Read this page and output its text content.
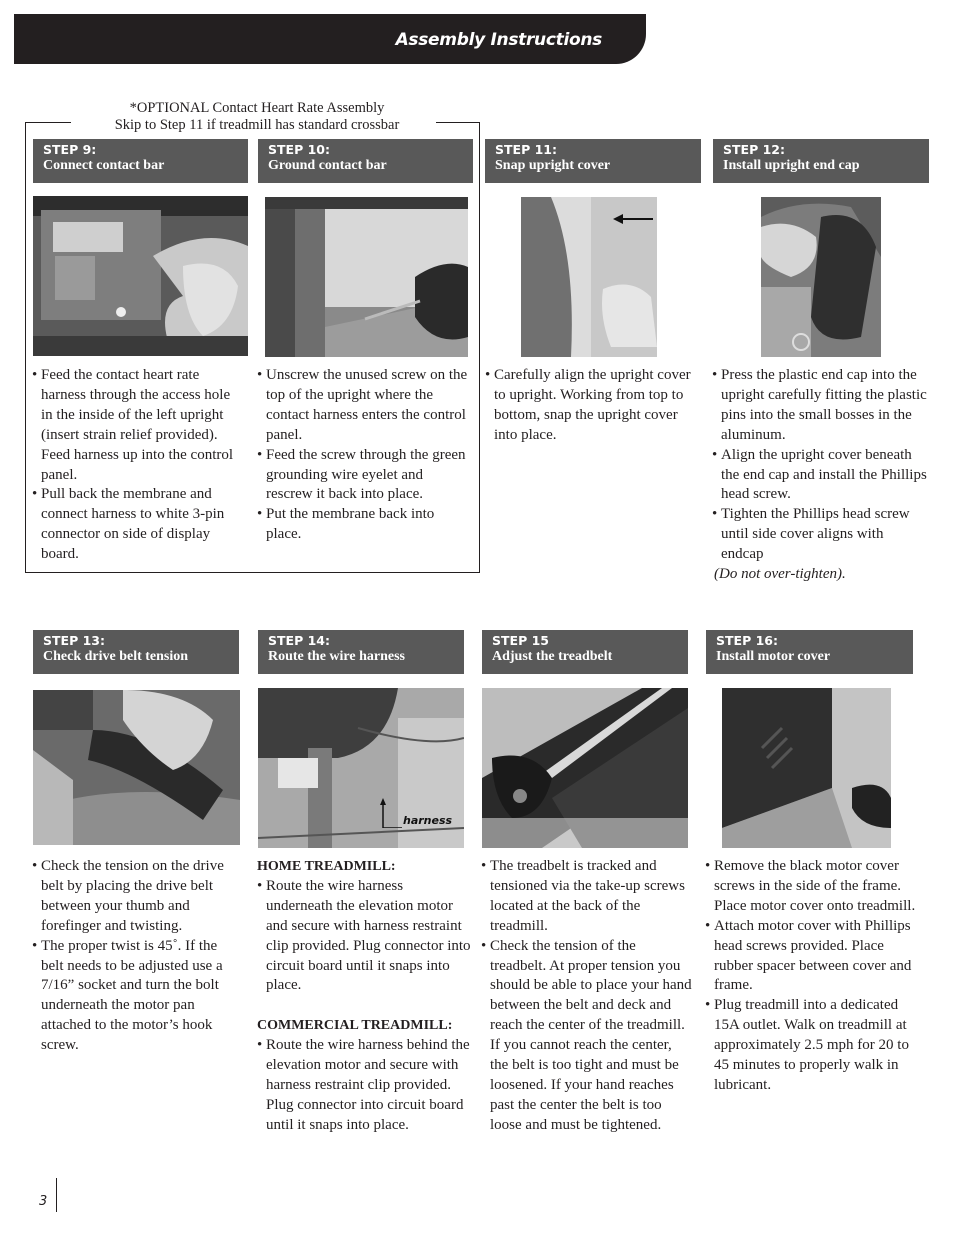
Assembly Instructions
*OPTIONAL Contact Heart Rate Assembly
Skip to Step 11 if treadmill has standard crossbar
STEP 9:
Connect contact bar
• Feed the contact heart rate harness through the access hole in the inside of the left upright (insert strain relief provided). Feed harness up into the control panel.
• Pull back the membrane and connect harness to white 3-pin connector on side of display board.
STEP 10:
Ground contact bar
• Unscrew the unused screw on the top of the upright where the contact harness enters the control panel.
• Feed the screw through the green grounding wire eyelet and rescrew it back into place.
• Put the membrane back into place.
STEP 11:
Snap upright cover
• Carefully align the upright cover to upright. Working from top to bottom, snap the upright cover into place.
STEP 12:
Install upright end cap
• Press the plastic end cap into the upright carefully fitting the plastic pins into the small bosses in the aluminum.
• Align the upright cover beneath the end cap and install the Phillips head screw.
• Tighten the Phillips head screw until side cover aligns with endcap
(Do not over-tighten).
STEP 13:
Check drive belt tension
• Check the tension on the drive belt by placing the drive belt between your thumb and forefinger and twisting.
• The proper twist is 45˚. If the belt needs to be adjusted use a 7/16” socket and turn the bolt underneath the motor pan attached to the motor’s hook screw.
STEP 14:
Route the wire harness
harness
HOME TREADMILL:
• Route the wire harness underneath the elevation motor and secure with harness restraint clip provided. Plug connector into circuit board until it snaps into place.
COMMERCIAL TREADMILL:
• Route the wire harness behind the elevation motor and secure with harness restraint clip provided. Plug connector into circuit board until it snaps into place.
STEP 15
Adjust the treadbelt
• The treadbelt is tracked and tensioned via the take-up screws located at the back of the treadmill.
• Check the tension of the treadbelt. At proper tension you should be able to place your hand between the belt and deck and reach the center of the treadmill. If you cannot reach the center, the belt is too tight and must be loosened. If your hand reaches past the center the belt is too loose and must be tightened.
STEP 16:
Install motor cover
• Remove the black motor cover screws in the side of the frame. Place motor cover onto treadmill.
• Attach motor cover with Phillips head screws provided. Place rubber spacer between cover and frame.
• Plug treadmill into a dedicated 15A outlet. Walk on treadmill at approximately 2.5 mph for 20 to 45 minutes to properly walk in lubricant.
3
